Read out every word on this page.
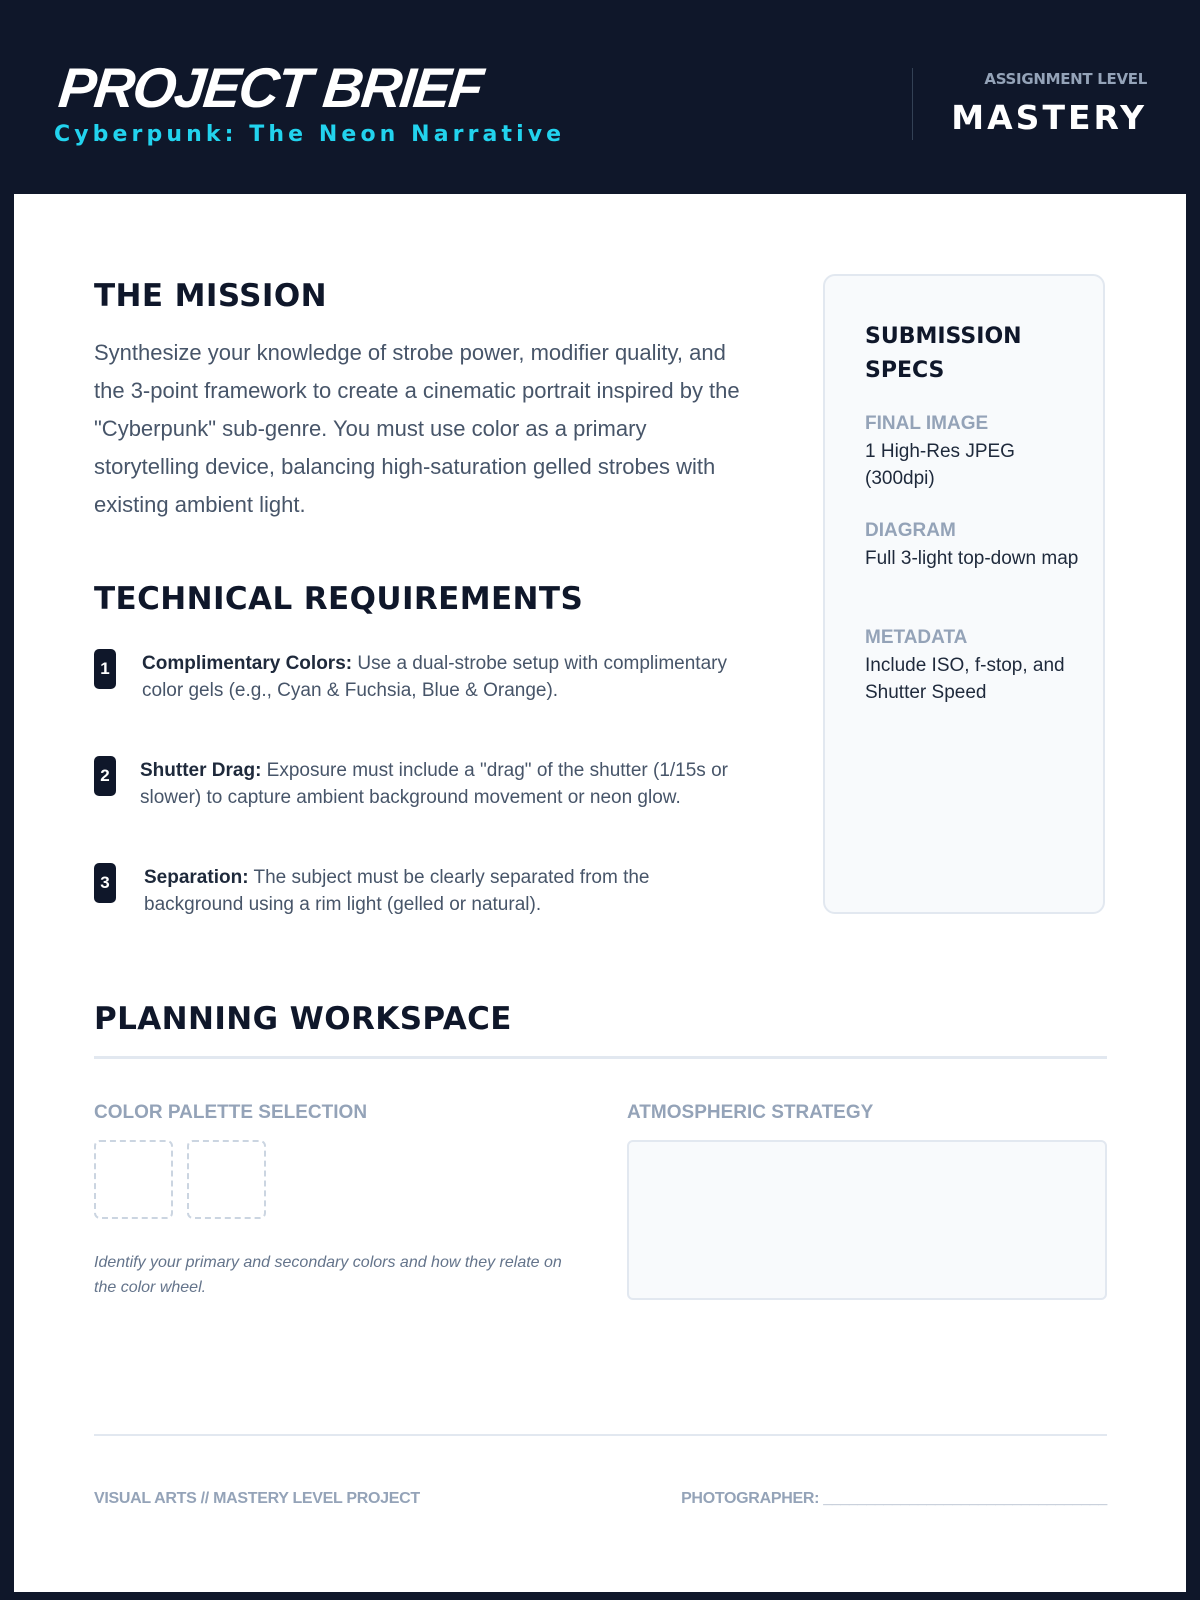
PROJECT BRIEF
Cyberpunk: The Neon Narrative
ASSIGNMENT LEVEL
MASTERY
THE MISSION
Synthesize your knowledge of strobe power, modifier quality, and the 3-point framework to create a cinematic portrait inspired by the "Cyberpunk" sub-genre. You must use color as a primary storytelling device, balancing high-saturation gelled strobes with existing ambient light.
TECHNICAL REQUIREMENTS
1	Complimentary Colors: Use a dual-strobe setup with complimentary color gels (e.g., Cyan & Fuchsia, Blue & Orange).
2	Shutter Drag: Exposure must include a "drag" of the shutter (1/15s or slower) to capture ambient background movement or neon glow.
3	Separation: The subject must be clearly separated from the background using a rim light (gelled or natural).
SUBMISSION SPECS
FINAL IMAGE
1 High-Res JPEG (300dpi)
DIAGRAM
Full 3-light top-down map
METADATA
Include ISO, f-stop, and Shutter Speed
PLANNING WORKSPACE
COLOR PALETTE SELECTION
Identify your primary and secondary colors and how they relate on the color wheel.
ATMOSPHERIC STRATEGY
VISUAL ARTS // MASTERY LEVEL PROJECT	PHOTOGRAPHER: _________________________________
